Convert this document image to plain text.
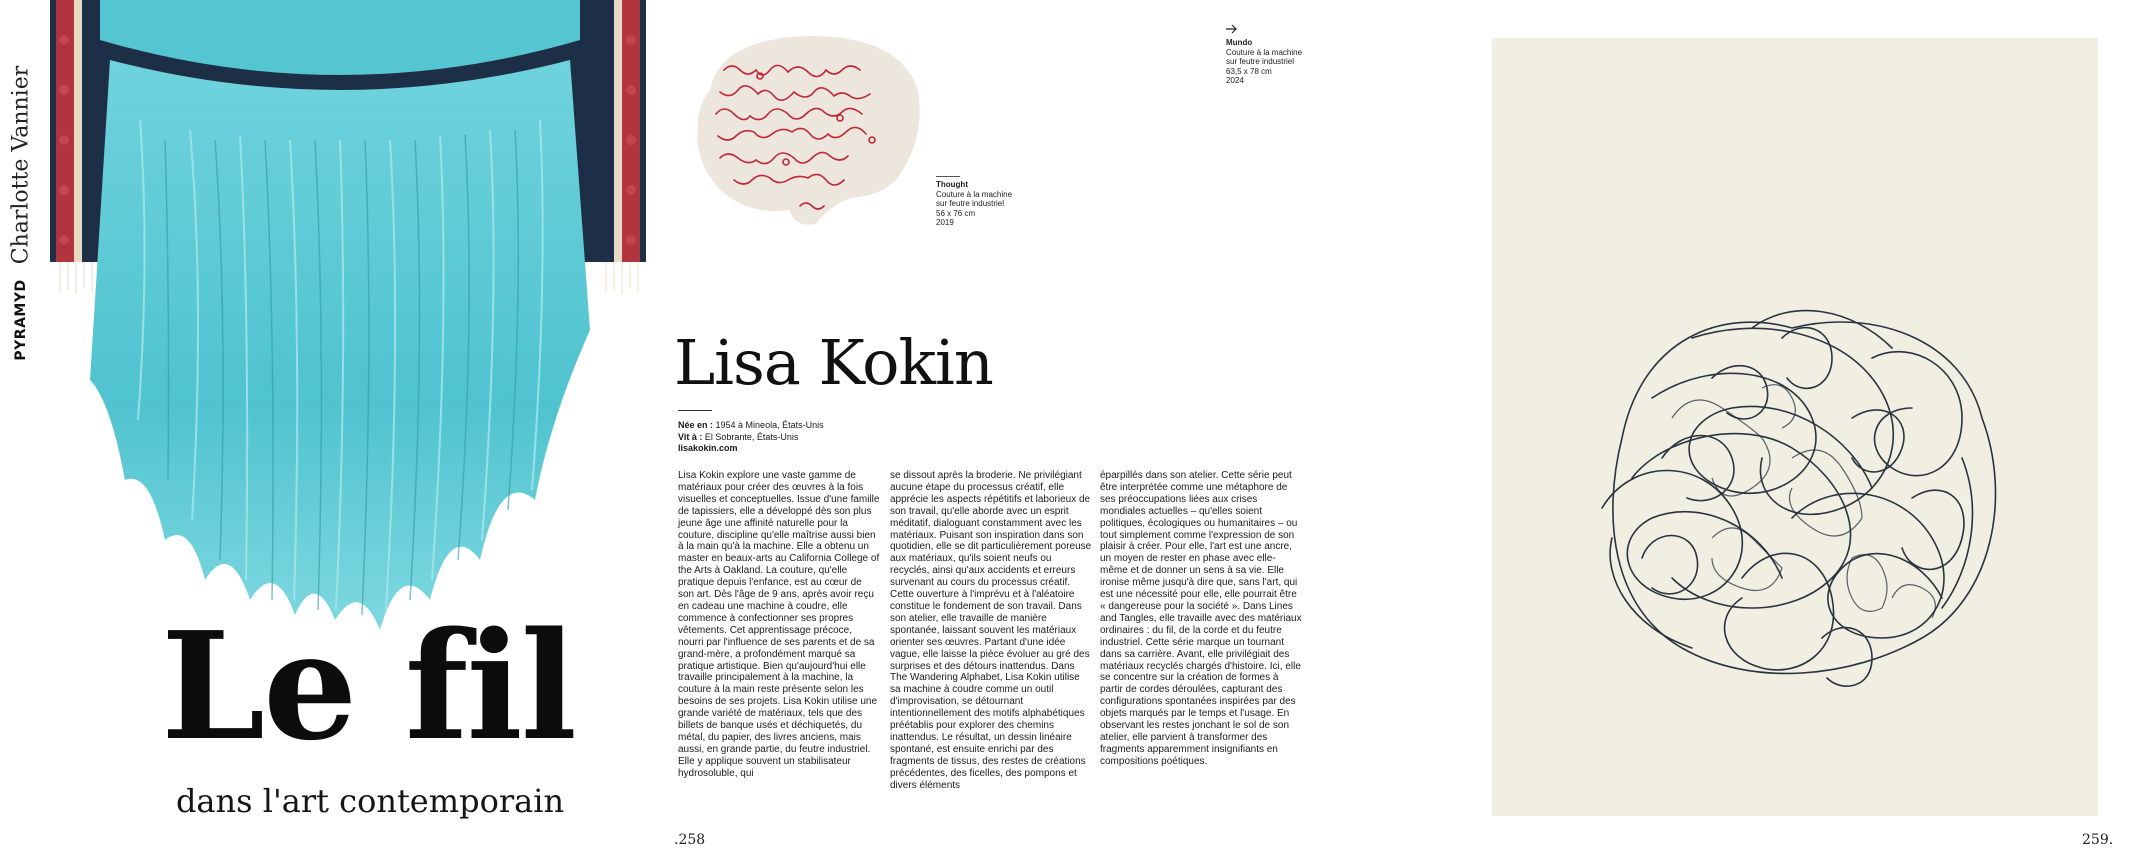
Charlotte Vannier
PYRAMYD
Le fil
dans l'art contemporain
Thought
Couture à la machine
sur feutre industriel
56 x 76 cm
2019
Mundo
Couture à la machine
sur feutre industriel
63,5 x 78 cm
2024
Lisa Kokin
Née en : 1954 à Mineola, États-Unis
Vit à : El Sobrante, États-Unis
lisakokin.com

Lisa Kokin explore une vaste gamme de matériaux pour créer des œuvres à la fois visuelles et conceptuelles. Issue d'une famille de tapissiers, elle a développé dès son plus jeune âge une affinité naturelle pour la couture, discipline qu'elle maîtrise aussi bien à la main qu'à la machine. Elle a obtenu un master en beaux-arts au California College of the Arts à Oakland. La couture, qu'elle pratique depuis l'enfance, est au cœur de son art. Dès l'âge de 9 ans, après avoir reçu en cadeau une machine à coudre, elle commence à confectionner ses propres vêtements. Cet apprentissage précoce, nourri par l'influence de ses parents et de sa grand-mère, a profondément marqué sa pratique artistique. Bien qu'aujourd'hui elle travaille principalement à la machine, la couture à la main reste présente selon les besoins de ses projets. Lisa Kokin utilise une grande variété de matériaux, tels que des billets de banque usés et déchiquetés, du métal, du papier, des livres anciens, mais aussi, en grande partie, du feutre industriel. Elle y applique souvent un stabilisateur hydrosoluble, qui

se dissout après la broderie. Ne privilégiant aucune étape du processus créatif, elle apprécie les aspects répétitifs et laborieux de son travail, qu'elle aborde avec un esprit méditatif, dialoguant constamment avec les matériaux. Puisant son inspiration dans son quotidien, elle se dit particulièrement poreuse aux matériaux, qu'ils soient neufs ou recyclés, ainsi qu'aux accidents et erreurs survenant au cours du processus créatif. Cette ouverture à l'imprévu et à l'aléatoire constitue le fondement de son travail. Dans son atelier, elle travaille de manière spontanée, laissant souvent les matériaux orienter ses œuvres. Partant d'une idée vague, elle laisse la pièce évoluer au gré des surprises et des détours inattendus. Dans The Wandering Alphabet, Lisa Kokin utilise sa machine à coudre comme un outil d'improvisation, se détournant intentionnellement des motifs alphabétiques préétablis pour explorer des chemins inattendus. Le résultat, un dessin linéaire spontané, est ensuite enrichi par des fragments de tissus, des restes de créations précédentes, des ficelles, des pompons et divers éléments

éparpillés dans son atelier. Cette série peut être interprétée comme une métaphore de ses préoccupations liées aux crises mondiales actuelles – qu'elles soient politiques, écologiques ou humanitaires – ou tout simplement comme l'expression de son plaisir à créer. Pour elle, l'art est une ancre, un moyen de rester en phase avec elle-même et de donner un sens à sa vie. Elle ironise même jusqu'à dire que, sans l'art, qui est une nécessité pour elle, elle pourrait être « dangereuse pour la société ». Dans Lines and Tangles, elle travaille avec des matériaux ordinaires : du fil, de la corde et du feutre industriel. Cette série marque un tournant dans sa carrière. Avant, elle privilégiait des matériaux recyclés chargés d'histoire. Ici, elle se concentre sur la création de formes à partir de cordes déroulées, capturant des configurations spontanées inspirées par des objets marqués par le temps et l'usage. En observant les restes jonchant le sol de son atelier, elle parvient à transformer des fragments apparemment insignifiants en compositions poétiques.

.258	259.
